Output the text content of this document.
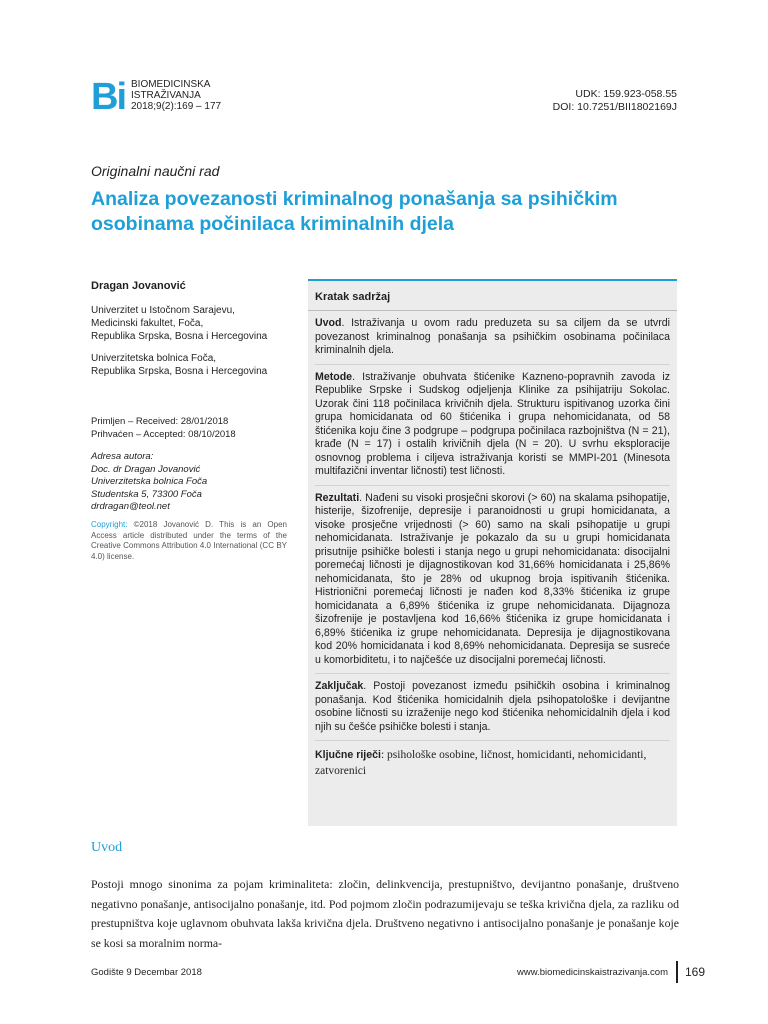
Bi BIOMEDICINSKA
ISTRAŽIVANJA
2018;9(2):169 – 177
UDK: 159.923-058.55
DOI: 10.7251/BII1802169J
Originalni naučni rad
Analiza povezanosti kriminalnog ponašanja sa psihičkim osobinama počinilaca kriminalnih djela
Dragan Jovanović
Univerzitet u Istočnom Sarajevu,
Medicinski fakultet, Foča,
Republika Srpska, Bosna i Hercegovina
Univerzitetska bolnica Foča,
Republika Srpska, Bosna i Hercegovina
Primljen – Received: 28/01/2018
Prihvaćen – Accepted: 08/10/2018
Adresa autora:
Doc. dr Dragan Jovanović
Univerzitetska bolnica Foča
Studentska 5, 73300 Foča
drdragan@teol.net
Copyright: ©2018 Jovanović D. This is an Open Access article distributed under the terms of the Creative Commons Attribution 4.0 International (CC BY 4.0) license.
Kratak sadržaj

Uvod. Istraživanja u ovom radu preduzeta su sa ciljem da se utvrdi povezanost kriminalnog ponašanja sa psihičkim osobinama počinilaca kriminalnih djela.

Metode. Istraživanje obuhvata štićenike Kazneno-popravnih zavoda iz Republike Srpske i Sudskog odjeljenja Klinike za psihijatriju Sokolac. Uzorak čini 118 počinilaca krivičnih djela. Strukturu ispitivanog uzorka čini grupa homicidanata od 60 štićenika i grupa nehomicidanata, od 58 štićenika koju čine 3 podgrupe – podgrupa počinilaca razbojništva (N = 21), krađe (N = 17) i ostalih krivičnih djela (N = 20). U svrhu eksploracije osnovnog problema i ciljeva istraživanja koristi se MMPI-201 (Minesota multifazični inventar ličnosti) test ličnosti.

Rezultati. Nađeni su visoki prosječni skorovi (> 60) na skalama psihopatije, histerije, šizofrenije, depresije i paranoidnosti u grupi homicidanata, a visoke prosječne vrijednosti (> 60) samo na skali psihopatije u grupi nehomicidanata. Istraživanje je pokazalo da su u grupi homicidanata prisutnije psihičke bolesti i stanja nego u grupi nehomicidanata: disocijalni poremećaj ličnosti je dijagnostikovan kod 31,66% homicidanata i 25,86% nehomicidanata, što je 28% od ukupnog broja ispitivanih štićenika. Histrionični poremećaj ličnosti je nađen kod 8,33% štićenika iz grupe homicidanata a 6,89% štićenika iz grupe nehomicidanata. Dijagnoza šizofrenije je postavljena kod 16,66% štićenika iz grupe homicidanata i 6,89% štićenika iz grupe nehomicidanata. Depresija je dijagnostikovana kod 20% homicidanata i kod 8,69% nehomicidanata. Depresija se susreće u komorbiditetu, i to najčešće uz disocijalni poremećaj ličnosti.

Zaključak. Postoji povezanost između psihičkih osobina i kriminalnog ponašanja. Kod štićenika homicidalnih djela psihopatološke i devijantne osobine ličnosti su izraženije nego kod štićenika nehomicidalnih djela i kod njih su češće psihičke bolesti i stanja.

Ključne riječi: psihološke osobine, ličnost, homicidanti, nehomicidanti, zatvorenici
Uvod
Postoji mnogo sinonima za pojam kriminaliteta: zločin, delinkvencija, prestupništvo, devijantno ponašanje, društveno negativno ponašanje, antisocijalno ponašanje, itd. Pod pojmom zločin podrazumijevaju se teška krivična djela, za razliku od prestupništva koje uglavnom obuhvata lakša krivična djela. Društveno negativno i antisocijalno ponašanje je ponašanje koje se kosi sa moralnim norma-
Godište 9 Decembar 2018	www.biomedicinskaistrazivanja.com 169
